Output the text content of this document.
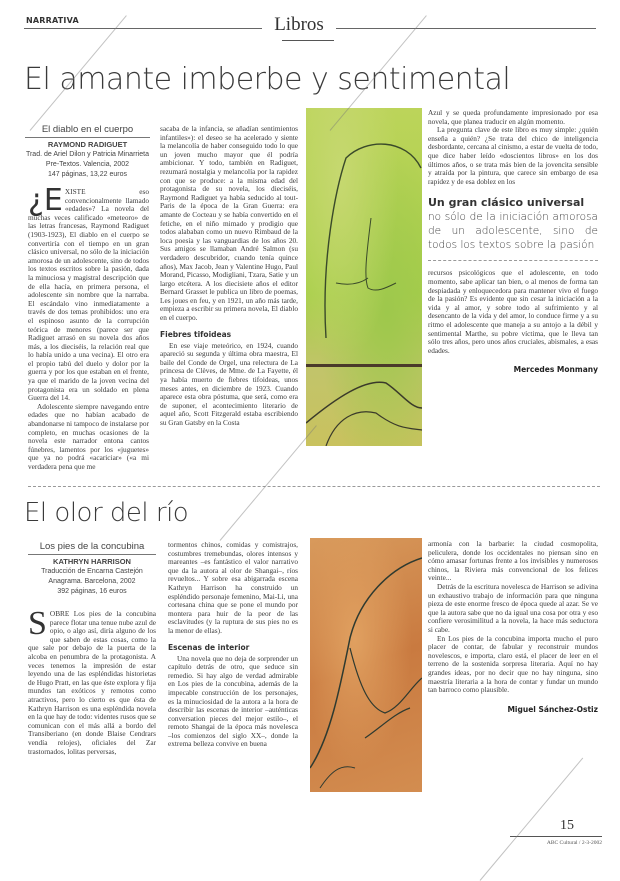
NARRATIVA	Libros
El amante imberbe y sentimental
El diablo en el cuerpo
RAYMOND RADIGUET
Trad. de Ariel Dilon y Patricia Minarrieta
Pre-Textos. Valencia, 2002
147 páginas, 13,22 euros

¿E XISTE eso convencionalmente llamado «edades»? La novela del muchas veces calificado «meteoro» de las letras francesas, Raymond Radiguet (1903-1923), El diablo en el cuerpo se convertiría con el tiempo en un gran clásico universal, no sólo de la iniciación amorosa de un adolescente, sino de todos los textos escritos sobre la pasión, dada la minuciosa y magistral descripción que de ella hacía, en primera persona, el adolescente sin nombre que la narraba. El escándalo vino inmediatamente a través de dos temas prohibidos: uno era el espinoso asunto de la corrupción teórica de menores (parece ser que Radiguet arrasó en su novela dos años más, a los dieciséis, la relación real que lo había unido a una vecina). El otro era el propio tabú del duelo y dolor por la guerra y por los que estaban en el frente, ya que el marido de la joven vecina del protagonista era un soldado en plena Guerra del 14.

Adolescente siempre navegando entre edades que no habían acabado de abandonarse ni tampoco de instalarse por completo, en muchas ocasiones de la novela este narrador entona cantos fúnebres, lamentos por los «juguetes» que ya no podrá «acariciar» («a mi verdadera pena que me

sacaba de la infancia, se añadían sentimientos infantiles»): el deseo se ha acelerado y siente la melancolía de haber conseguido todo lo que un joven mucho mayor que él podría ambicionar. Y todo, también en Radiguet, rezumará nostalgia y melancolía por la rapidez con que se produce: a la misma edad del protagonista de su novela, los dieciséis, Raymond Radiguet ya había seducido al tout-Paris de la época de la Gran Guerra: era amante de Cocteau y se había convertido en el fetiche, en el niño mimado y prodigio que todos alababan como un nuevo Rimbaud de la loca poesía y las vanguardias de los años 20. Sus amigos se llamaban André Salmon (su verdadero descubridor, cuando tenía quince años), Max Jacob, Jean y Valentine Hugo, Paul Morand, Picasso, Modigliani, Tzara, Satie y un largo etcétera. A los diecisiete años el editor Bernard Grasset le publica un libro de poemas, Les joues en feu, y en 1921, un año más tarde, empieza a escribir su primera novela, El diablo en el cuerpo.

Fiebres tifoideas

En ese viaje meteórico, en 1924, cuando apareció su segunda y última obra maestra, El baile del Conde de Orgel, una relectura de La princesa de Clèves, de Mme. de La Fayette, él ya había muerto de fiebres tifoideas, unos meses antes, en diciembre de 1923. Cuando aparece esta obra póstuma, que será, como era de suponer, el acontecimiento literario de aquel año, Scott Fitzgerald estaba escribiendo su Gran Gatsby en la Costa

Azul y se queda profundamente impresionado por esa novela, que planea traducir en algún momento.

La pregunta clave de este libro es muy simple: ¿quién enseña a quién? ¿Se trata del chico de inteligencia desbordante, cercana al cinismo, a estar de vuelta de todo, que dice haber leído «doscientos libros» en los dos últimos años, o se trata más bien de la jovencita sensible y atraída por la pintura, que carece sin embargo de esa rapidez y de esa doblez en los

Un gran clásico universal
no sólo de la iniciación amorosa de un adolescente, sino de todos los textos sobre la pasión

recursos psicológicos que el adolescente, en todo momento, sabe aplicar tan bien, o al menos de forma tan despiadada y enloquecedora para mantener vivo el fuego de la pasión? Es evidente que sin cesar la iniciación a la vida y al amor, y sobre todo al sufrimiento y al desencanto de la vida y del amor, lo conduce firme y a su ritmo el adolescente que maneja a su antojo a la débil y sentimental Marthe, su pobre víctima, que le lleva tan sólo tres años, pero unos años cruciales, abismales, a esas edades.

Mercedes Monmany
El olor del río
Los pies de la concubina
KATHRYN HARRISON
Traducción de Encarna Castejón
Anagrama. Barcelona, 2002
392 páginas, 16 euros

SOBRE Los pies de la concubina parece flotar una tenue nube azul de opio, o algo así, diría alguno de los que saben de estas cosas, como la que sale por debajo de la puerta de la alcoba en penumbra de la protagonista. A veces tenemos la impresión de estar leyendo una de las espléndidas historietas de Hugo Pratt, en las que éste explora y fija mundos tan exóticos y remotos como atractivos, pero lo cierto es que ésta de Kathryn Harrison es una espléndida novela en la que hay de todo: videntes rusos que se comunican con el más allá a bordo del Transiberiano (en donde Blaise Cendrars vendía relojes), oficiales del Zar trastornados, lolitas perversas,

tormentos chinos, comidas y comistrajos, costumbres tremebundas, olores intensos y mareantes –es fantástico el valor narrativo que da la autora al olor de Shangai–, ríos revueltos... Y sobre esa abigarrada escena Kathryn Harrison ha construido un espléndido personaje femenino, Mai-Li, una cortesana china que se pone el mundo por montera para huir de la peor de las esclavitudes (y la ruptura de sus pies no es la menor de ellas).

Escenas de interior

Una novela que no deja de sorprender un capítulo detrás de otro, que seduce sin remedio. Si hay algo de verdad admirable en Los pies de la concubina, además de la impecable construcción de los personajes, es la minuciosidad de la autora a la hora de describir las escenas de interior –auténticas conversation pieces del mejor estilo–, el remoto Shangai de la época más novelesca –los comienzos del siglo XX–, donde la extrema belleza convive en buena

armonía con la barbarie: la ciudad cosmopolita, peliculera, donde los occidentales no piensan sino en cómo amasar fortunas frente a los invisibles y numerosos chinos, la Riviera más convencional de los felices veinte...

Detrás de la escritura novelesca de Harrison se adivina un exhaustivo trabajo de información para que ninguna pieza de este enorme fresco de época quede al azar. Se ve que la autora sabe que no da igual una cosa por otra y eso confiere verosimilitud a la novela, la hace más seductora si cabe.

En Los pies de la concubina importa mucho el puro placer de contar, de fabular y reconstruir mundos novelescos, e importa, claro está, el placer de leer en el terreno de la sostenida sorpresa literaria. Aquí no hay grandes ideas, por no decir que no hay ninguna, sino maestría literaria a la hora de contar y fundar un mundo tan barroco como plausible.

Miguel Sánchez-Ostiz
15
ABC Cultural / 2-3-2002
